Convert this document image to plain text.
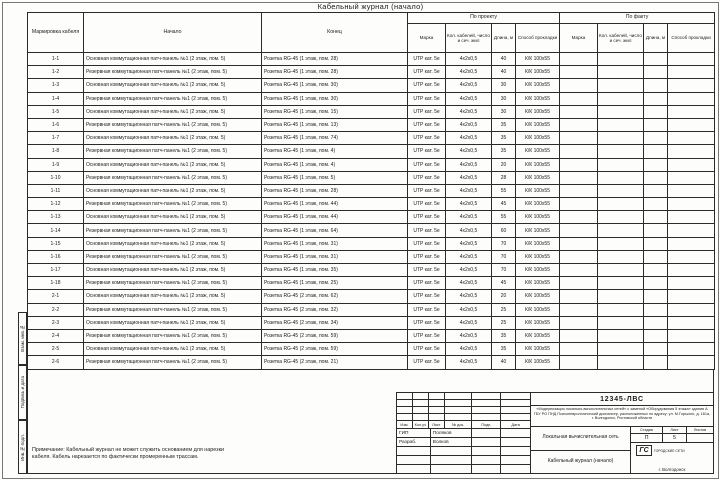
Кабельный журнал (начало)
Взам. инв.№
Подпись и дата
Инв.№ подл.
Маркировка кабеля	Начало	Конец	По проекту				По факту			
			Марка	Кол. кабелей, число и сеч. жил	Длина, м	Способ прокладки	Марка	Кол. кабелей, число и сеч. жил	Длина, м	Способ прокладки
1-1	Основная коммутационная патч-панель №1 (2 этаж, пом. 5)	Розетка RG-45 (1 этаж, пом. 28)	UTP кат. 5е	4х2х0,5	40	К/К 100х55				
1-2	Резервная коммутационная патч-панель №1 (2 этаж, пом. 5)	Розетка RG-45 (1 этаж, пом. 28)	UTP кат. 5е	4х2х0,5	40	К/К 100х55				
1-3	Основная коммутационная патч-панель №1 (2 этаж, пом. 5)	Розетка RG-45 (1 этаж, пом. 30)	UTP кат. 5е	4х2х0,5	30	К/К 100х55				
1-4	Резервная коммутационная патч-панель №1 (2 этаж, пом. 5)	Розетка RG-45 (1 этаж, пом. 30)	UTP кат. 5е	4х2х0,5	30	К/К 100х55				
1-5	Основная коммутационная патч-панель №1 (2 этаж, пом. 5)	Розетка RG-45 (1 этаж, пом. 15)	UTP кат. 5е	4х2х0,5	30	К/К 100х55				
1-6	Резервная коммутационная патч-панель №1 (2 этаж, пом. 5)	Розетка RG-45 (1 этаж, пом. 13)	UTP кат. 5е	4х2х0,5	35	К/К 100х55				
1-7	Основная коммутационная патч-панель №1 (2 этаж, пом. 5)	Розетка RG-45 (1 этаж, пом. 74)	UTP кат. 5е	4х2х0,5	35	К/К 100х55				
1-8	Резервная коммутационная патч-панель №1 (2 этаж, пом. 5)	Розетка RG-45 (1 этаж, пом. 4)	UTP кат. 5е	4х2х0,5	35	К/К 100х55				
1-9	Основная коммутационная патч-панель №1 (2 этаж, пом. 5)	Розетка RG-45 (1 этаж, пом. 4)	UTP кат. 5е	4х2х0,5	20	К/К 100х55				
1-10	Резервная коммутационная патч-панель №1 (2 этаж, пом. 5)	Розетка RG-45 (1 этаж, пом. 5)	UTP кат. 5е	4х2х0,5	28	К/К 100х55				
1-11	Основная коммутационная патч-панель №1 (2 этаж, пом. 5)	Розетка RG-45 (1 этаж, пом. 28)	UTP кат. 5е	4х2х0,5	55	К/К 100х55				
1-12	Резервная коммутационная патч-панель №1 (2 этаж, пом. 5)	Розетка RG-45 (1 этаж, пом. 44)	UTP кат. 5е	4х2х0,5	45	К/К 100х55				
1-13	Основная коммутационная патч-панель №1 (2 этаж, пом. 5)	Розетка RG-45 (1 этаж, пом. 44)	UTP кат. 5е	4х2х0,5	55	К/К 100х55				
1-14	Резервная коммутационная патч-панель №1 (2 этаж, пом. 5)	Розетка RG-45 (1 этаж, пом. 64)	UTP кат. 5е	4х2х0,5	60	К/К 100х55				
1-15	Основная коммутационная патч-панель №1 (2 этаж, пом. 5)	Розетка RG-45 (1 этаж, пом. 31)	UTP кат. 5е	4х2х0,5	70	К/К 100х55				
1-16	Резервная коммутационная патч-панель №1 (2 этаж, пом. 5)	Розетка RG-45 (1 этаж, пом. 31)	UTP кат. 5е	4х2х0,5	70	К/К 100х55				
1-17	Основная коммутационная патч-панель №1 (2 этаж, пом. 5)	Розетка RG-45 (1 этаж, пом. 35)	UTP кат. 5е	4х2х0,5	70	К/К 100х55				
1-18	Резервная коммутационная патч-панель №1 (2 этаж, пом. 5)	Розетка RG-45 (1 этаж, пом. 25)	UTP кат. 5е	4х2х0,5	45	К/К 100х55				
2-1	Основная коммутационная патч-панель №1 (2 этаж, пом. 5)	Розетка RG-45 (2 этаж, пом. 62)	UTP кат. 5е	4х2х0,5	20	К/К 100х55				
2-2	Резервная коммутационная патч-панель №1 (2 этаж, пом. 5)	Розетка RG-45 (2 этаж, пом. 32)	UTP кат. 5е	4х2х0,5	25	К/К 100х55				
2-3	Основная коммутационная патч-панель №1 (2 этаж, пом. 5)	Розетка RG-45 (2 этаж, пом. 34)	UTP кат. 5е	4х2х0,5	25	К/К 100х55				
2-4	Резервная коммутационная патч-панель №1 (2 этаж, пом. 5)	Розетка RG-45 (2 этаж, пом. 59)	UTP кат. 5е	4х2х0,5	35	К/К 100х55				
2-5	Основная коммутационная патч-панель №1 (2 этаж, пом. 5)	Розетка RG-45 (2 этаж, пом. 59)	UTP кат. 5е	4х2х0,5	35	К/К 100х55				
2-6	Резервная коммутационная патч-панель №1 (2 этаж, пом. 5)	Розетка RG-45 (2 этаж, пом. 21)	UTP кат. 5е	4х2х0,5	40	К/К 100х55				
Примечание: Кабельный журнал не может служить основанием для нарезки
кабеля. Кабель нарезается по фактически промеренным трассам.
Изм.	Кол.уч	Лист	№ док.	Подп.	Дата
ГИП	Поляков
Разраб.	Волков
12345-ЛВС
«Модернизация локально-вычислительных сетей» с заменой «Оборудования 5 этажа» здания А ГБУ РО ПНД Психоневрологический диспансер, расположенных по адресу: ул. М.Горького, д. 161а, г. Волгодонск, Ростовской области
Локальная вычислительная сеть
Кабельный журнал (начало)
Стадия	Лист	Листов
П	5
ГС	ГОРОДСКИЕ СЕТИ
г. Волгодонск
